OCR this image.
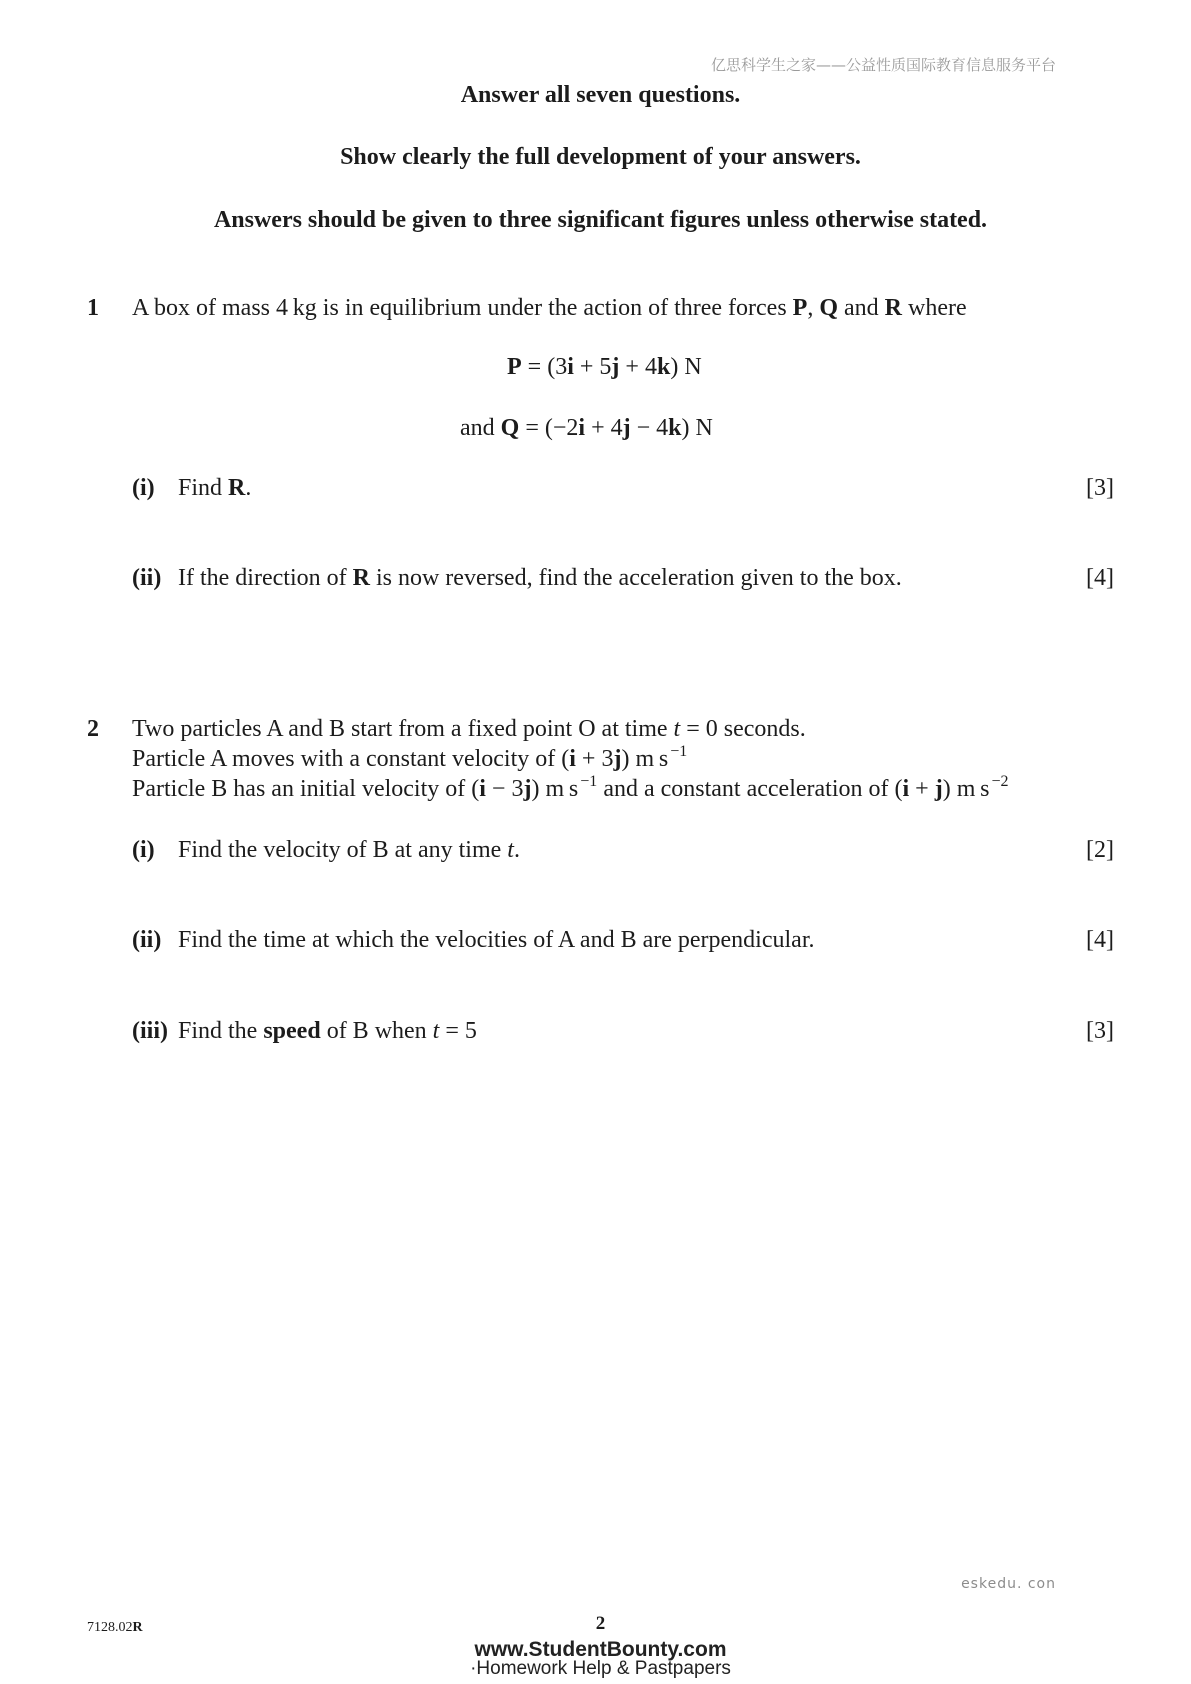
亿思科学生之家——公益性质国际教育信息服务平台
Answer all seven questions.
Show clearly the full development of your answers.
Answers should be given to three significant figures unless otherwise stated.
1 A box of mass 4 kg is in equilibrium under the action of three forces P, Q and R where
P = (3i + 5j + 4k) N
and Q = (−2i + 4j − 4k) N
(i) Find R.	[3]
(ii) If the direction of R is now reversed, find the acceleration given to the box.	[4]
2 Two particles A and B start from a fixed point O at time t = 0 seconds.
Particle A moves with a constant velocity of (i + 3j) m s $^{-1}$
Particle B has an initial velocity of (i − 3j) m s $^{-1}$ and a constant acceleration of (i + j) m s $^{-2}$
(i) Find the velocity of B at any time t.	[2]
(ii) Find the time at which the velocities of A and B are perpendicular.	[4]
(iii) Find the speed of B when t = 5	[3]
eskedu. con
7128.02R	2
www.StudentBounty.com
·Homework Help & Pastpapers
